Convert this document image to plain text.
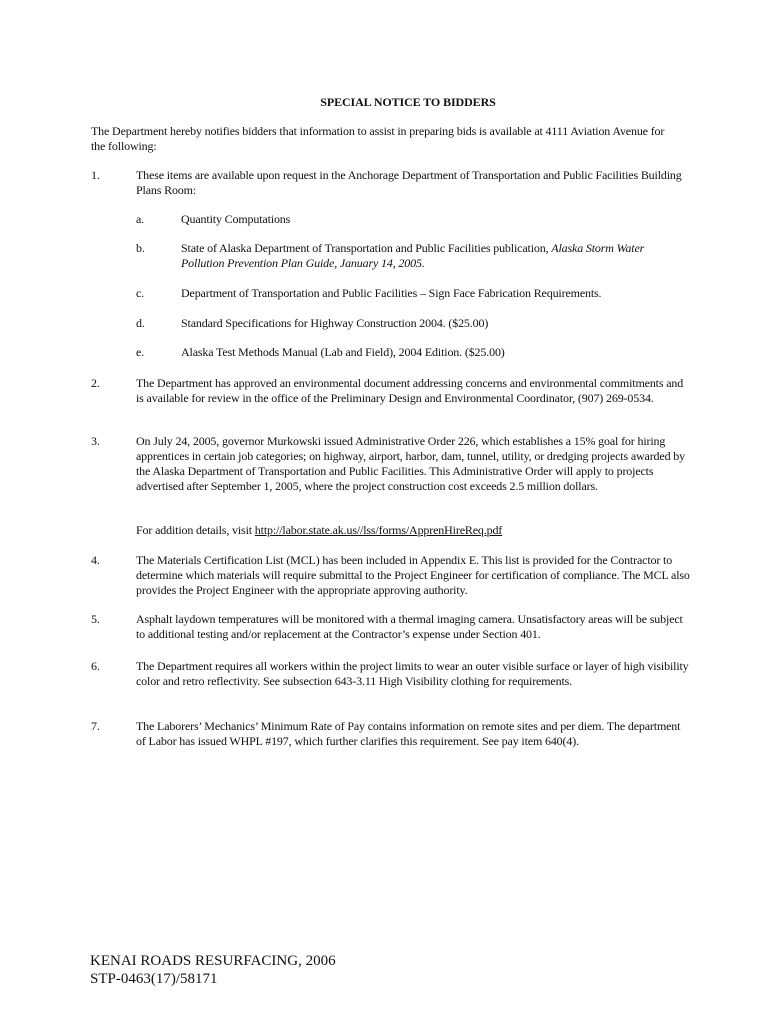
SPECIAL NOTICE TO BIDDERS
The Department hereby notifies bidders that information to assist in preparing bids is available at 4111 Aviation Avenue for the following:
1.	These items are available upon request in the Anchorage Department of Transportation and Public Facilities Building Plans Room:
a.	Quantity Computations
b.	State of Alaska Department of Transportation and Public Facilities publication, Alaska Storm Water Pollution Prevention Plan Guide, January 14, 2005.
c.	Department of Transportation and Public Facilities – Sign Face Fabrication Requirements.
d.	Standard Specifications for Highway Construction 2004. ($25.00)
e.	Alaska Test Methods Manual (Lab and Field), 2004 Edition. ($25.00)
2.	The Department has approved an environmental document addressing concerns and environmental commitments and is available for review in the office of the Preliminary Design and Environmental Coordinator, (907) 269-0534.
3.	On July 24, 2005, governor Murkowski issued Administrative Order 226, which establishes a 15% goal for hiring apprentices in certain job categories; on highway, airport, harbor, dam, tunnel, utility, or dredging projects awarded by the Alaska Department of Transportation and Public Facilities. This Administrative Order will apply to projects advertised after September 1, 2005, where the project construction cost exceeds 2.5 million dollars.
For addition details, visit http://labor.state.ak.us//lss/forms/ApprenHireReq.pdf
4.	The Materials Certification List (MCL) has been included in Appendix E. This list is provided for the Contractor to determine which materials will require submittal to the Project Engineer for certification of compliance. The MCL also provides the Project Engineer with the appropriate approving authority.
5.	Asphalt laydown temperatures will be monitored with a thermal imaging camera. Unsatisfactory areas will be subject to additional testing and/or replacement at the Contractor’s expense under Section 401.
6.	The Department requires all workers within the project limits to wear an outer visible surface or layer of high visibility color and retro reflectivity. See subsection 643-3.11 High Visibility clothing for requirements.
7.	The Laborers’ Mechanics’ Minimum Rate of Pay contains information on remote sites and per diem. The department of Labor has issued WHPL #197, which further clarifies this requirement. See pay item 640(4).
KENAI ROADS RESURFACING, 2006
STP-0463(17)/58171
